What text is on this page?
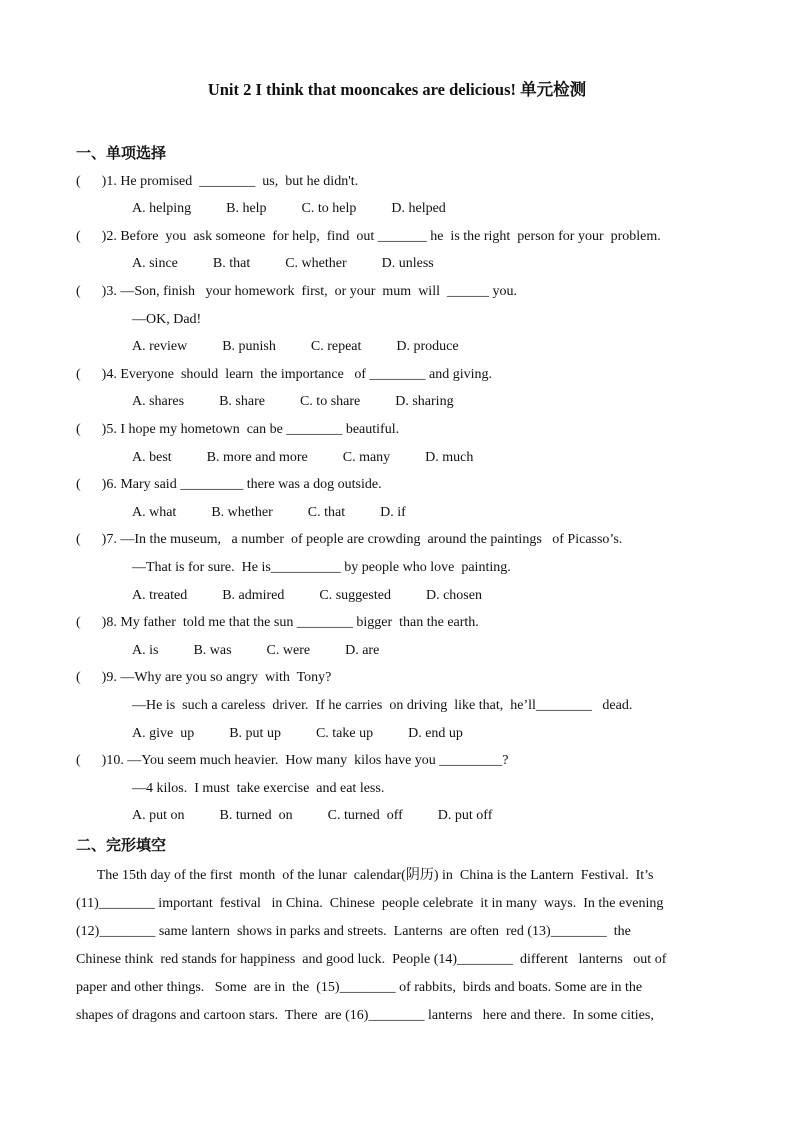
Unit 2 I think that mooncakes are delicious! 单元检测
一、单项选择
(      )1. He promised  ________  us,  but he didn't.
A. helping          B. help          C. to help          D. helped
(      )2. Before  you  ask someone  for help,  find  out _______ he  is the right  person for your  problem.
A. since          B. that          C. whether          D. unless
(      )3. —Son, finish   your homework  first,  or your  mum  will  ______ you.
—OK, Dad!
A. review          B. punish          C. repeat          D. produce
(      )4. Everyone  should  learn  the importance   of ________ and giving.
A. shares          B. share          C. to share          D. sharing
(      )5. I hope my hometown  can be ________ beautiful.
A. best          B. more and more          C. many          D. much
(      )6. Mary said _________ there was a dog outside.
A. what          B. whether          C. that          D. if
(      )7. —In the museum,   a number  of people are crowding  around the paintings   of Picasso’s.
—That is for sure.  He is__________ by people who love  painting.
A. treated          B. admired          C. suggested          D. chosen
(      )8. My father  told me that the sun ________ bigger  than the earth.
A. is          B. was          C. were          D. are
(      )9. —Why are you so angry  with  Tony?
—He is  such a careless  driver.  If he carries  on driving  like that,  he’ll________   dead.
A. give  up          B. put up          C. take up          D. end up
(      )10. —You seem much heavier.  How many  kilos have you _________?
—4 kilos.  I must  take exercise  and eat less.
A. put on          B. turned  on          C. turned  off          D. put off
二、完形填空
The 15th day of the first  month  of the lunar  calendar(阴历) in  China is the Lantern  Festival.  It’s
(11)________ important  festival   in China.  Chinese  people celebrate  it in many  ways.  In the evening
(12)________ same lantern  shows in parks and streets.  Lanterns  are often  red (13)________  the
Chinese think  red stands for happiness  and good luck.  People (14)________  different   lanterns   out of
paper and other things.   Some  are in  the  (15)________ of rabbits,  birds and boats. Some are in the
shapes of dragons and cartoon stars.  There  are (16)________ lanterns   here and there.  In some cities,
